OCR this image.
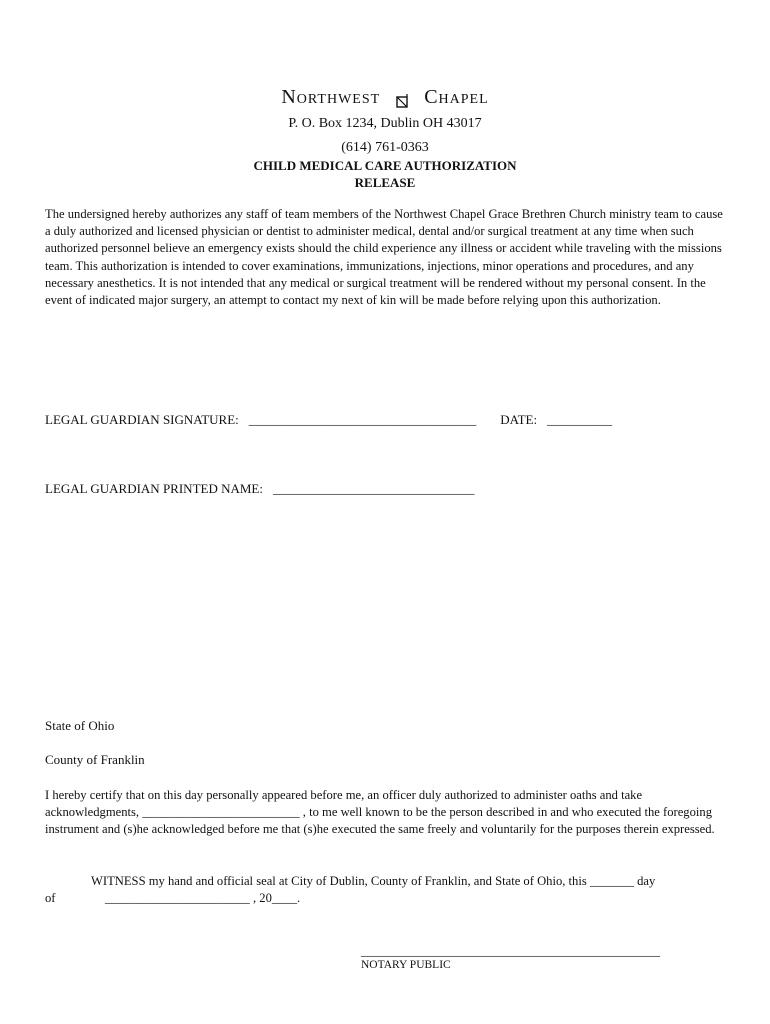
Northwest Chapel
P. O. Box 1234, Dublin OH 43017
(614) 761-0363
CHILD MEDICAL CARE AUTHORIZATION
RELEASE

The undersigned hereby authorizes any staff of team members of the Northwest Chapel Grace Brethren Church ministry team to cause a duly authorized and licensed physician or dentist to administer medical, dental and/or surgical treatment at any time when such authorized personnel believe an emergency exists should the child experience any illness or accident while traveling with the missions team. This authorization is intended to cover examinations, immunizations, injections, minor operations and procedures, and any necessary anesthetics. It is not intended that any medical or surgical treatment will be rendered without my personal consent. In the event of indicated major surgery, an attempt to contact my next of kin will be made before relying upon this authorization.

LEGAL GUARDIAN SIGNATURE: ___________________________________ DATE: __________
LEGAL GUARDIAN PRINTED NAME: _______________________________
State of Ohio
County of Franklin

I hereby certify that on this day personally appeared before me, an officer duly authorized to administer oaths and take acknowledgments, _________________________ , to me well known to be the person described in and who executed the foregoing instrument and (s)he acknowledged before me that (s)he executed the same freely and voluntarily for the purposes therein expressed.

WITNESS my hand and official seal at City of Dublin, County of Franklin, and State of Ohio, this _______ day
of	_______________________ , 20____.

______________________________________________
NOTARY PUBLIC
